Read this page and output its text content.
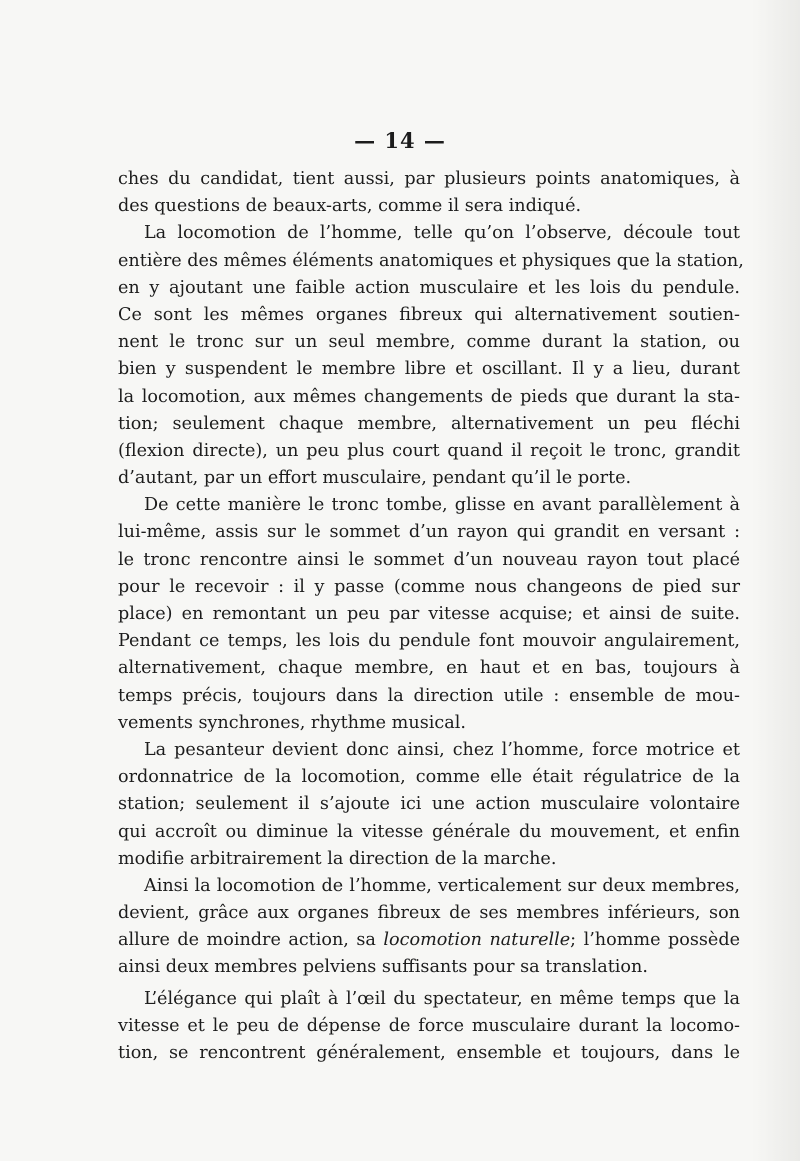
— 14 —
ches du candidat, tient aussi, par plusieurs points anatomiques, à
des questions de beaux-arts, comme il sera indiqué.
La locomotion de l’homme, telle qu’on l’observe, découle tout
entière des mêmes éléments anatomiques et physiques que la station,
en y ajoutant une faible action musculaire et les lois du pendule.
Ce sont les mêmes organes fibreux qui alternativement soutien-
nent le tronc sur un seul membre, comme durant la station, ou
bien y suspendent le membre libre et oscillant. Il y a lieu, durant
la locomotion, aux mêmes changements de pieds que durant la sta-
tion; seulement chaque membre, alternativement un peu fléchi
(flexion directe), un peu plus court quand il reçoit le tronc, grandit
d’autant, par un effort musculaire, pendant qu’il le porte.
De cette manière le tronc tombe, glisse en avant parallèlement à
lui-même, assis sur le sommet d’un rayon qui grandit en versant :
le tronc rencontre ainsi le sommet d’un nouveau rayon tout placé
pour le recevoir : il y passe (comme nous changeons de pied sur
place) en remontant un peu par vitesse acquise; et ainsi de suite.
Pendant ce temps, les lois du pendule font mouvoir angulairement,
alternativement, chaque membre, en haut et en bas, toujours à
temps précis, toujours dans la direction utile : ensemble de mou-
vements synchrones, rhythme musical.
La pesanteur devient donc ainsi, chez l’homme, force motrice et
ordonnatrice de la locomotion, comme elle était régulatrice de la
station; seulement il s’ajoute ici une action musculaire volontaire
qui accroît ou diminue la vitesse générale du mouvement, et enfin
modifie arbitrairement la direction de la marche.
Ainsi la locomotion de l’homme, verticalement sur deux membres,
devient, grâce aux organes fibreux de ses membres inférieurs, son
allure de moindre action, sa locomotion naturelle; l’homme possède
ainsi deux membres pelviens suffisants pour sa translation.
L’élégance qui plaît à l’œil du spectateur, en même temps que la
vitesse et le peu de dépense de force musculaire durant la locomo-
tion, se rencontrent généralement, ensemble et toujours, dans le
